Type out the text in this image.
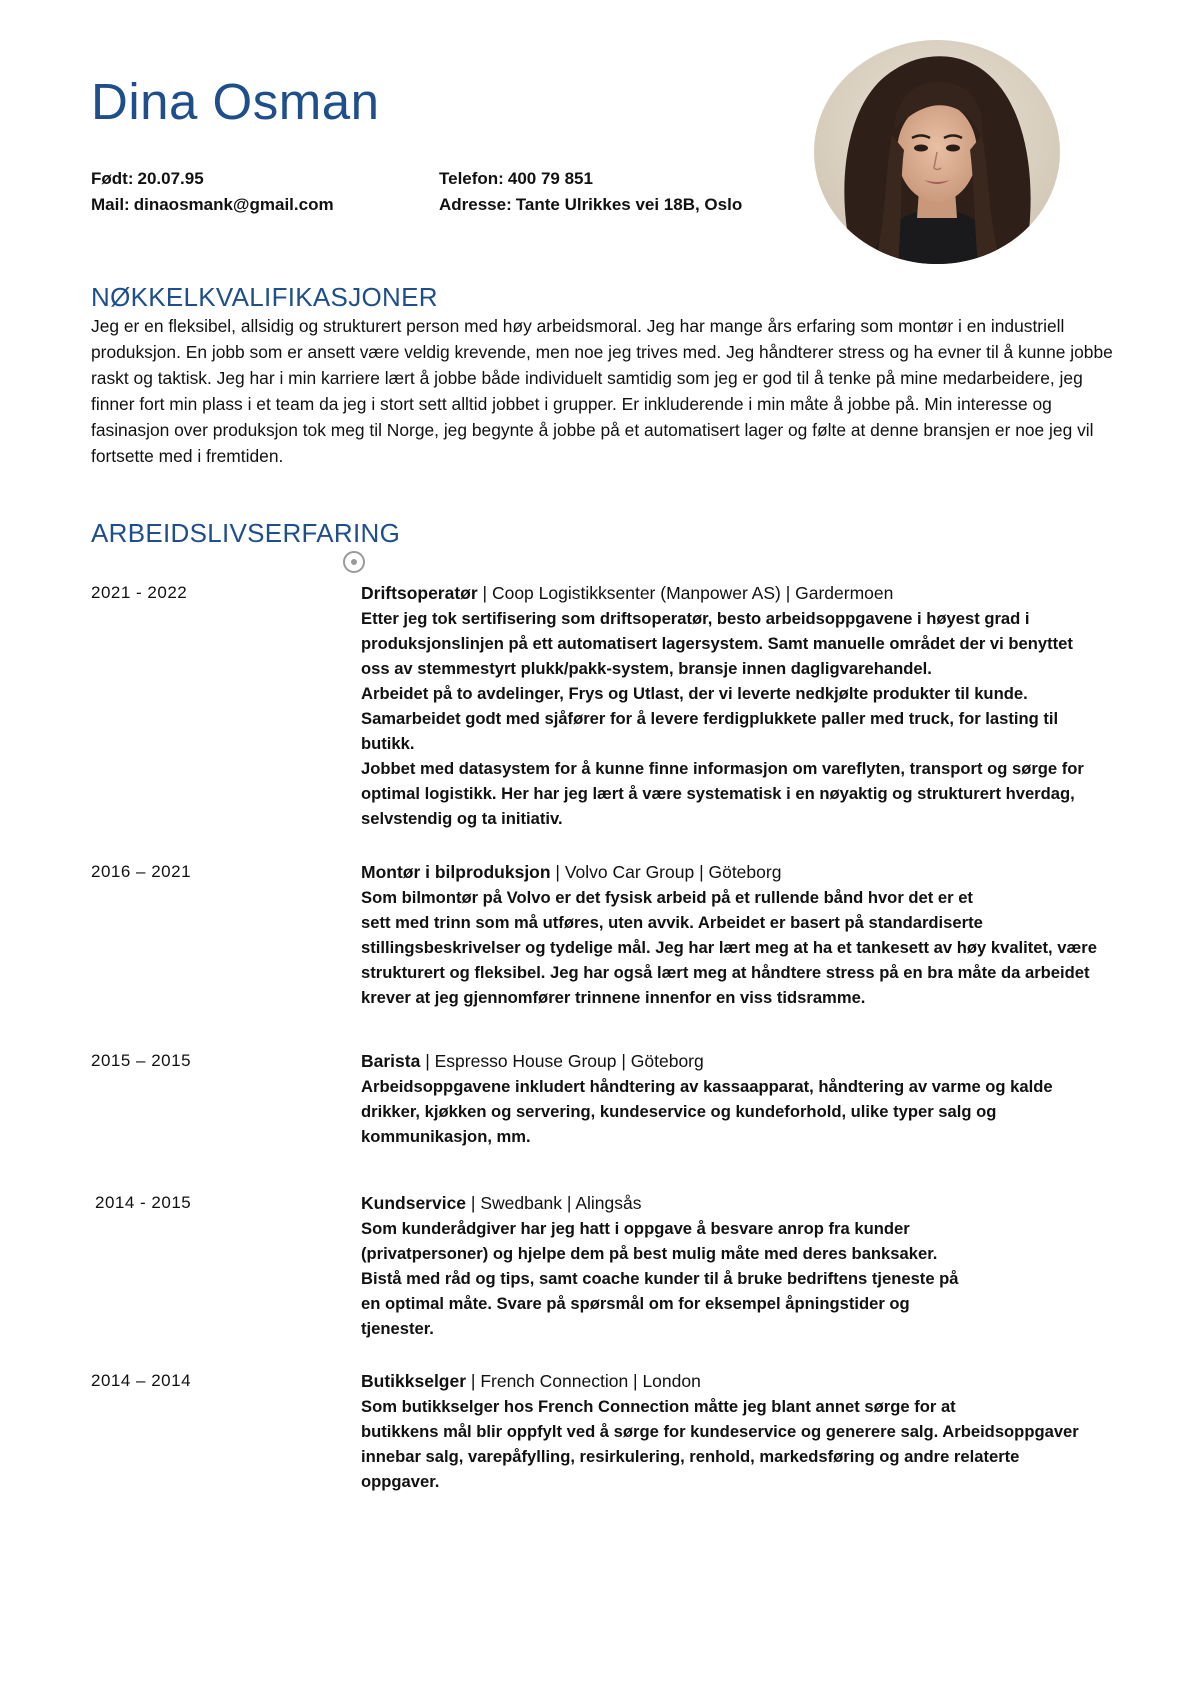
Dina Osman
Født: 20.07.95
Mail: dinaosmank@gmail.com
Telefon: 400 79 851
Adresse: Tante Ulrikkes vei 18B, Oslo
NØKKELKVALIFIKASJONER

Jeg er en fleksibel, allsidig og strukturert person med høy arbeidsmoral. Jeg har mange års erfaring som montør i en industriell produksjon. En jobb som er ansett være veldig krevende, men noe jeg trives med. Jeg håndterer stress og ha evner til å kunne jobbe raskt og taktisk. Jeg har i min karriere lært å jobbe både individuelt samtidig som jeg er god til å tenke på mine medarbeidere, jeg finner fort min plass i et team da jeg i stort sett alltid jobbet i grupper. Er inkluderende i min måte å jobbe på. Min interesse og fasinasjon over produksjon tok meg til Norge, jeg begynte å jobbe på et automatisert lager og følte at denne bransjen er noe jeg vil fortsette med i fremtiden.

ARBEIDSLIVSERFARING
2021 - 2022	Driftsoperatør | Coop Logistikksenter (Manpower AS) | Gardermoen

Etter jeg tok sertifisering som driftsoperatør, besto arbeidsoppgavene i høyest grad i
produksjonslinjen på ett automatisert lagersystem. Samt manuelle området der vi benyttet
oss av stemmestyrt plukk/pakk-system, bransje innen dagligvarehandel.
Arbeidet på to avdelinger, Frys og Utlast, der vi leverte nedkjølte produkter til kunde.
Samarbeidet godt med sjåfører for å levere ferdigplukkete paller med truck, for lasting til
butikk.
Jobbet med datasystem for å kunne finne informasjon om vareflyten, transport og sørge for
optimal logistikk. Her har jeg lært å være systematisk i en nøyaktig og strukturert hverdag,
selvstendig og ta initiativ.

2016 – 2021	Montør i bilproduksjon | Volvo Car Group | Göteborg

Som bilmontør på Volvo er det fysisk arbeid på et rullende bånd hvor det er et
sett med trinn som må utføres, uten avvik. Arbeidet er basert på standardiserte
stillingsbeskrivelser og tydelige mål. Jeg har lært meg at ha et tankesett av høy kvalitet, være
strukturert og fleksibel. Jeg har også lært meg at håndtere stress på en bra måte da arbeidet
krever at jeg gjennomfører trinnene innenfor en viss tidsramme.

2015 – 2015	Barista | Espresso House Group | Göteborg

Arbeidsoppgavene inkludert håndtering av kassaapparat, håndtering av varme og kalde
drikker, kjøkken og servering, kundeservice og kundeforhold, ulike typer salg og
kommunikasjon, mm.

2014 - 2015	Kundservice | Swedbank | Alingsås

Som kunderådgiver har jeg hatt i oppgave å besvare anrop fra kunder
(privatpersoner) og hjelpe dem på best mulig måte med deres banksaker.
Bistå med råd og tips, samt coache kunder til å bruke bedriftens tjeneste på
en optimal måte. Svare på spørsmål om for eksempel åpningstider og
tjenester.

2014 – 2014	Butikkselger | French Connection | London

Som butikkselger hos French Connection måtte jeg blant annet sørge for at
butikkens mål blir oppfylt ved å sørge for kundeservice og generere salg. Arbeidsoppgaver
innebar salg, varepåfylling, resirkulering, renhold, markedsføring og andre relaterte
oppgaver.
